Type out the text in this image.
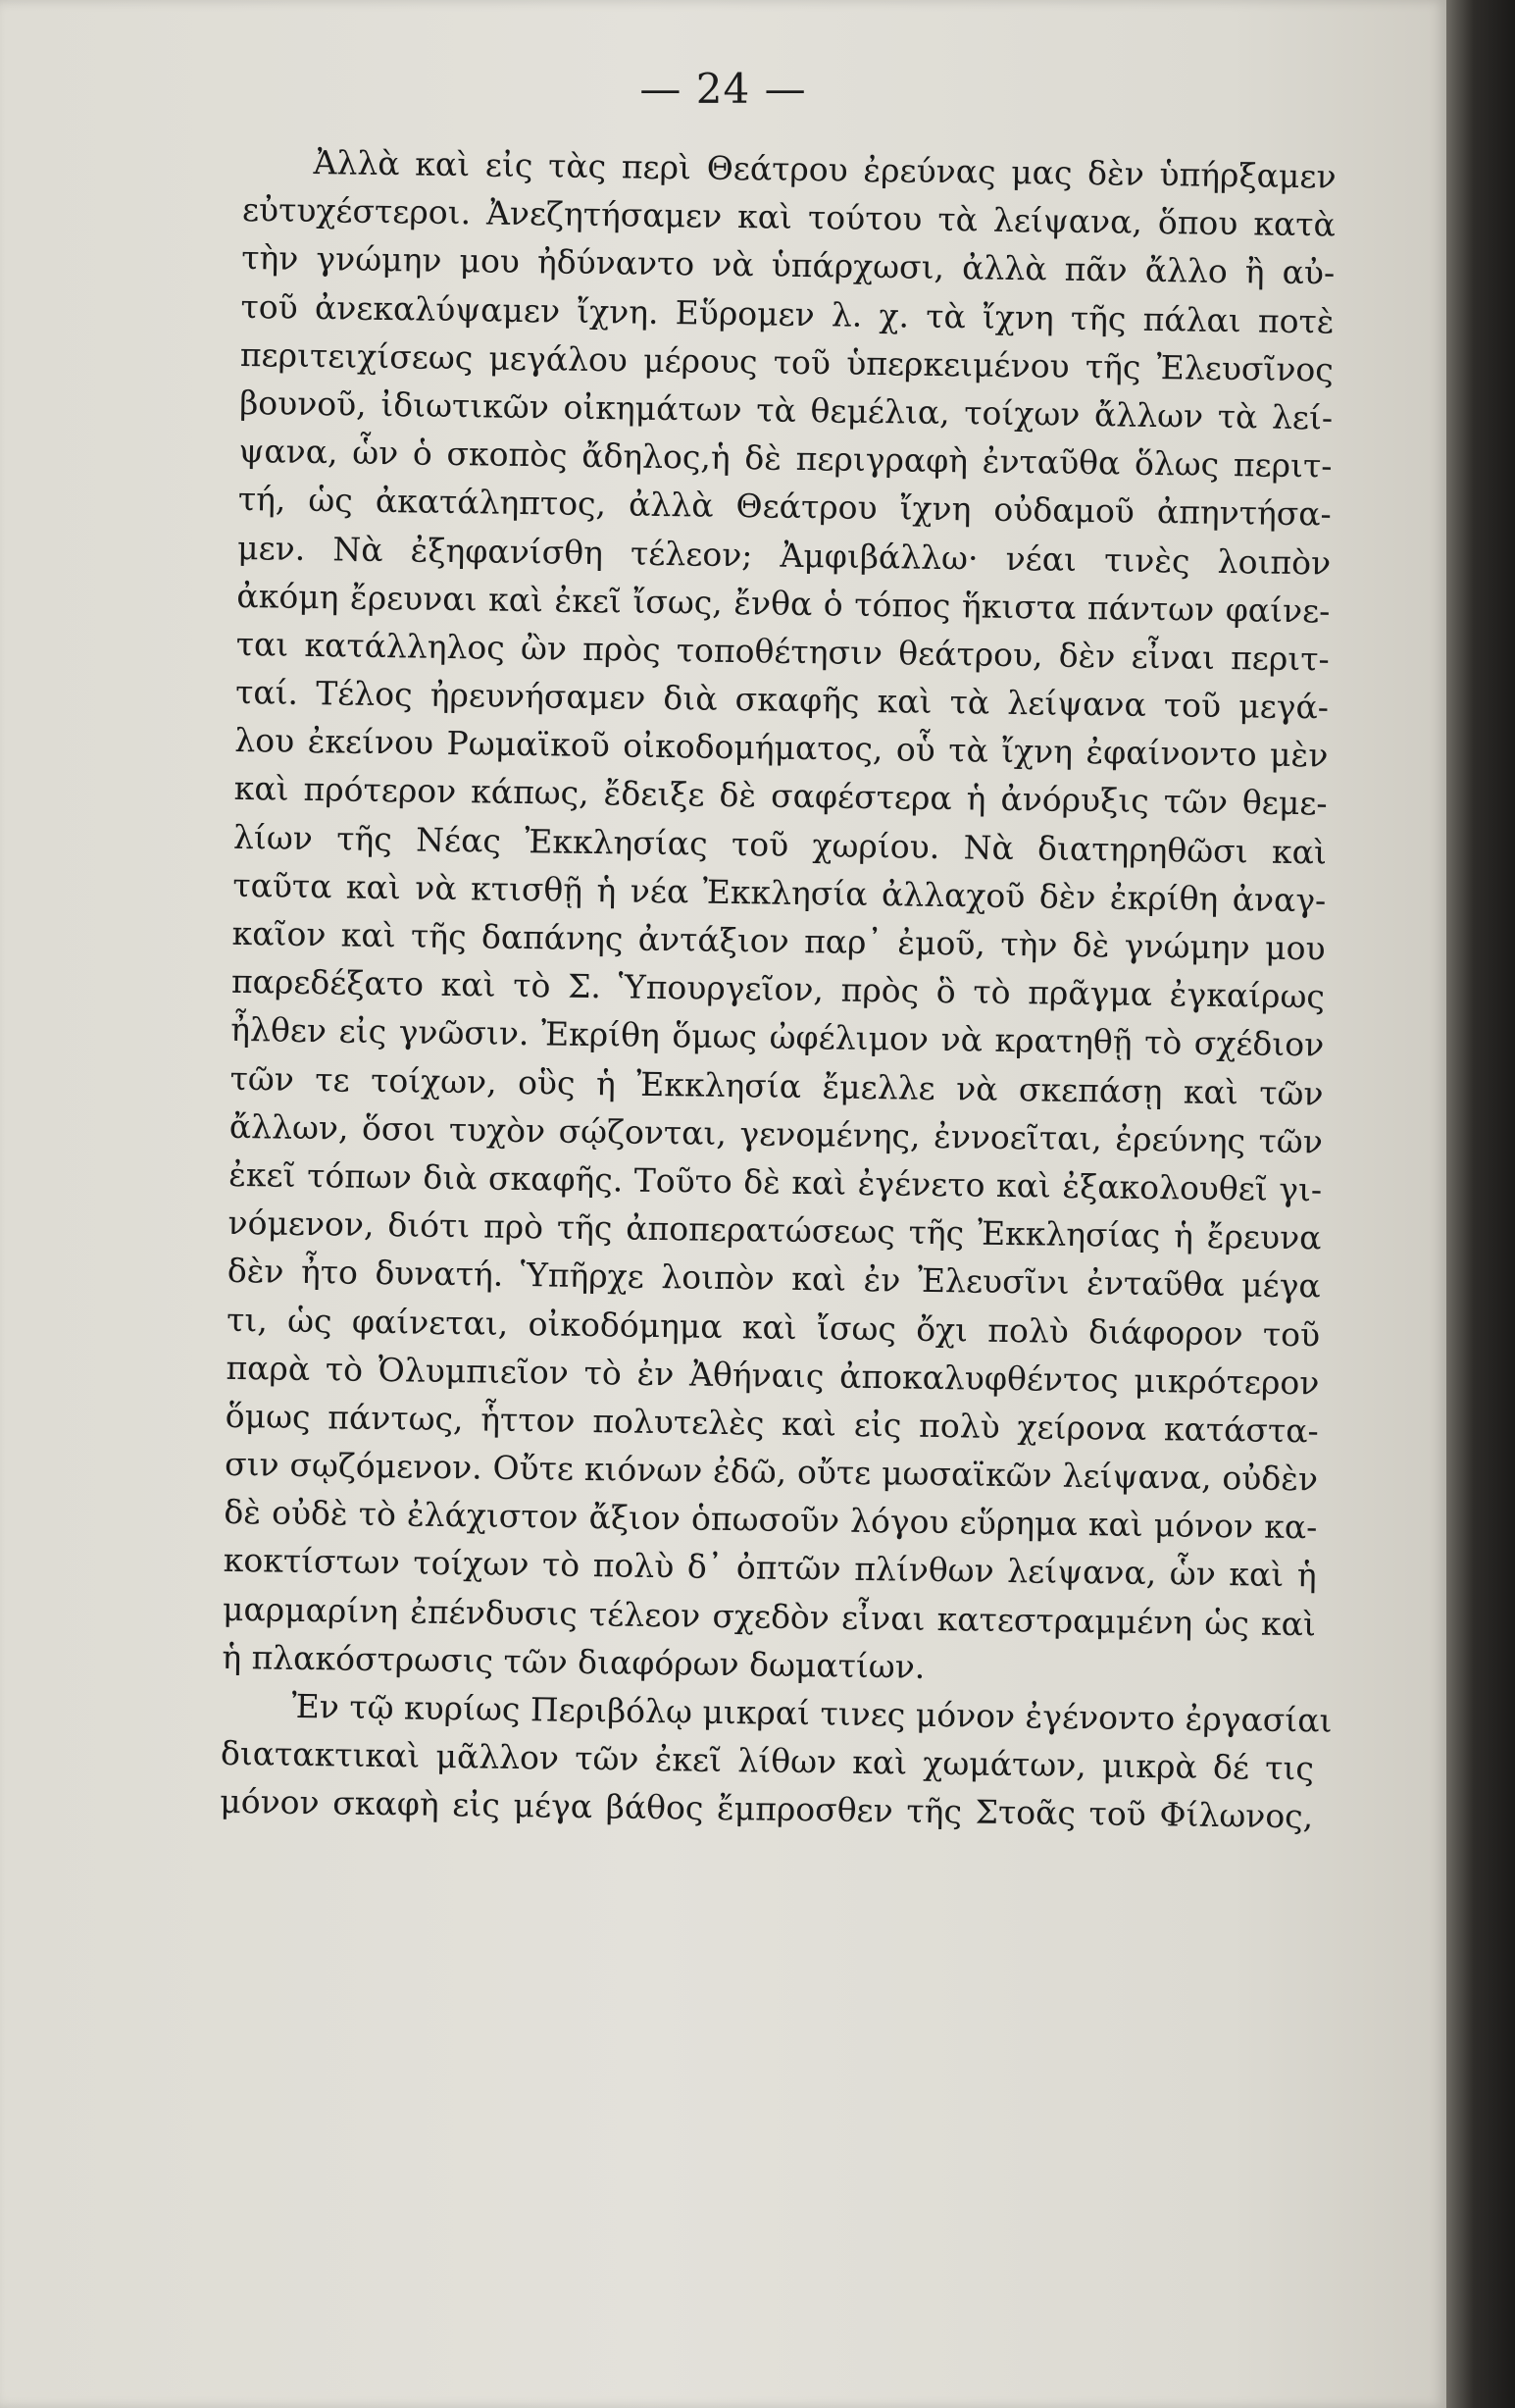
— 24 —
Ἀλλὰ καὶ εἰς τὰς περὶ Θεάτρου ἐρεύνας μας δὲν ὑπήρξαμεν
εὐτυχέστεροι. Ἀνεζητήσαμεν καὶ τούτου τὰ λείψανα, ὅπου κατὰ
τὴν γνώμην μου ἠδύναντο νὰ ὑπάρχωσι, ἀλλὰ πᾶν ἄλλο ἢ αὐ-
τοῦ ἀνεκαλύψαμεν ἴχνη. Εὕρομεν λ. χ. τὰ ἴχνη τῆς πάλαι ποτὲ
περιτειχίσεως μεγάλου μέρους τοῦ ὑπερκειμένου τῆς Ἐλευσῖνος
βουνοῦ, ἰδιωτικῶν οἰκημάτων τὰ θεμέλια, τοίχων ἄλλων τὰ λεί-
ψανα, ὧν ὁ σκοπὸς ἄδηλος,ἡ δὲ περιγραφὴ ἐνταῦθα ὅλως περιτ-
τή, ὡς ἀκατάληπτος, ἀλλὰ Θεάτρου ἴχνη οὐδαμοῦ ἀπηντήσα-
μεν. Νὰ ἐξηφανίσθη τέλεον; Ἀμφιβάλλω· νέαι τινὲς λοιπὸν
ἀκόμη ἔρευναι καὶ ἐκεῖ ἴσως, ἔνθα ὁ τόπος ἥκιστα πάντων φαίνε-
ται κατάλληλος ὢν πρὸς τοποθέτησιν θεάτρου, δὲν εἶναι περιτ-
ταί. Τέλος ἠρευνήσαμεν διὰ σκαφῆς καὶ τὰ λείψανα τοῦ μεγά-
λου ἐκείνου Ρωμαϊκοῦ οἰκοδομήματος, οὗ τὰ ἴχνη ἐφαίνοντο μὲν
καὶ πρότερον κάπως, ἔδειξε δὲ σαφέστερα ἡ ἀνόρυξις τῶν θεμε-
λίων τῆς Νέας Ἐκκλησίας τοῦ χωρίου. Νὰ διατηρηθῶσι καὶ
ταῦτα καὶ νὰ κτισθῇ ἡ νέα Ἐκκλησία ἀλλαχοῦ δὲν ἐκρίθη ἀναγ-
καῖον καὶ τῆς δαπάνης ἀντάξιον παρ᾽ ἐμοῦ, τὴν δὲ γνώμην μου
παρεδέξατο καὶ τὸ Σ. Ὑπουργεῖον, πρὸς ὃ τὸ πρᾶγμα ἐγκαίρως
ἦλθεν εἰς γνῶσιν. Ἐκρίθη ὅμως ὠφέλιμον νὰ κρατηθῇ τὸ σχέδιον
τῶν τε τοίχων, οὓς ἡ Ἐκκλησία ἔμελλε νὰ σκεπάσῃ καὶ τῶν
ἄλλων, ὅσοι τυχὸν σῴζονται, γενομένης, ἐννοεῖται, ἐρεύνης τῶν
ἐκεῖ τόπων διὰ σκαφῆς. Τοῦτο δὲ καὶ ἐγένετο καὶ ἐξακολουθεῖ γι-
νόμενον, διότι πρὸ τῆς ἀποπερατώσεως τῆς Ἐκκλησίας ἡ ἔρευνα
δὲν ἦτο δυνατή. Ὑπῆρχε λοιπὸν καὶ ἐν Ἐλευσῖνι ἐνταῦθα μέγα
τι, ὡς φαίνεται, οἰκοδόμημα καὶ ἴσως ὄχι πολὺ διάφορον τοῦ
παρὰ τὸ Ὀλυμπιεῖον τὸ ἐν Ἀθήναις ἀποκαλυφθέντος μικρότερον
ὅμως πάντως, ἧττον πολυτελὲς καὶ εἰς πολὺ χείρονα κατάστα-
σιν σῳζόμενον. Οὔτε κιόνων ἐδῶ, οὔτε μωσαϊκῶν λείψανα, οὐδὲν
δὲ οὐδὲ τὸ ἐλάχιστον ἄξιον ὁπωσοῦν λόγου εὕρημα καὶ μόνον κα-
κοκτίστων τοίχων τὸ πολὺ δ᾽ ὀπτῶν πλίνθων λείψανα, ὧν καὶ ἡ
μαρμαρίνη ἐπένδυσις τέλεον σχεδὸν εἶναι κατεστραμμένη ὡς καὶ
ἡ πλακόστρωσις τῶν διαφόρων δωματίων.
Ἐν τῷ κυρίως Περιβόλῳ μικραί τινες μόνον ἐγένοντο ἐργασίαι
διατακτικαὶ μᾶλλον τῶν ἐκεῖ λίθων καὶ χωμάτων, μικρὰ δέ τις
μόνον σκαφὴ εἰς μέγα βάθος ἔμπροσθεν τῆς Στοᾶς τοῦ Φίλωνος,
